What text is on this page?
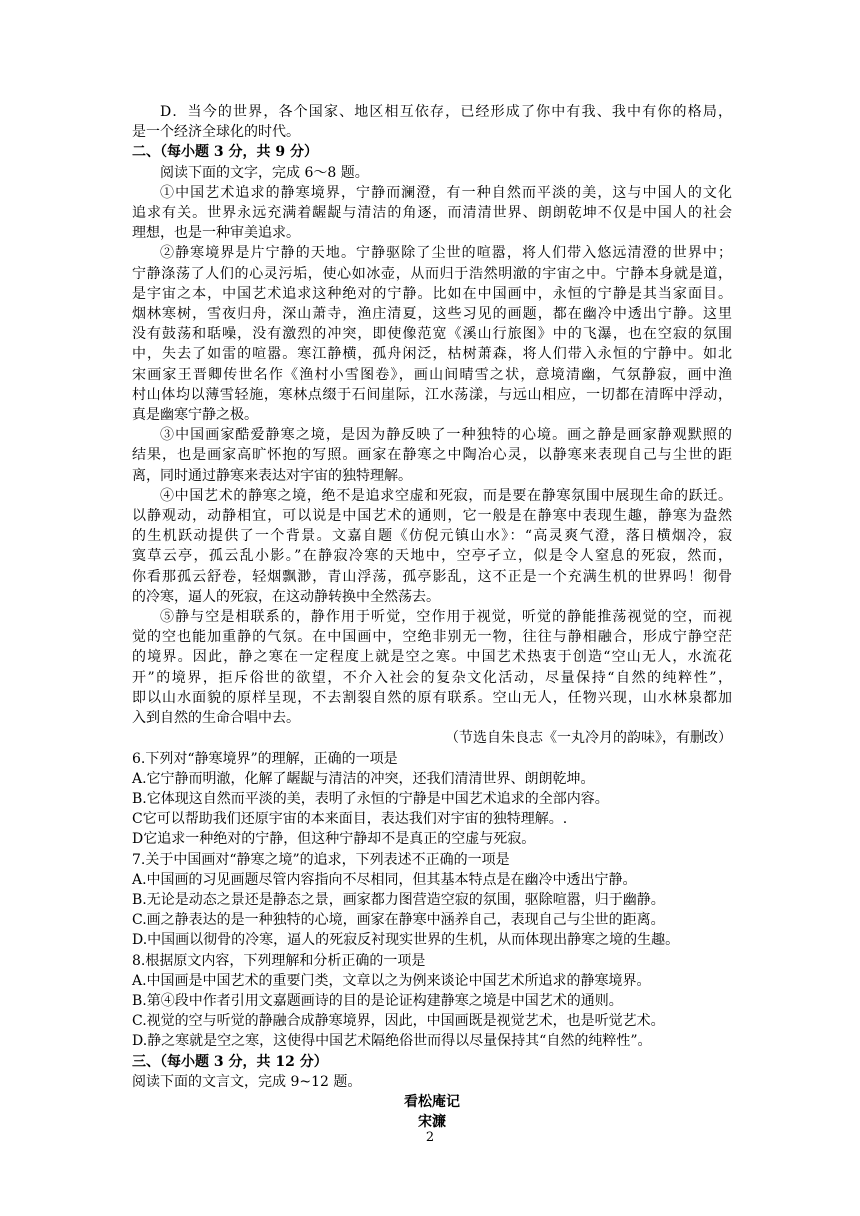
D．当今的世界，各个国家、地区相互依存，已经形成了你中有我、我中有你的格局，
是一个经济全球化的时代。
二、（每小题 3 分，共 9 分）
阅读下面的文字，完成 6～8 题。
①中国艺术追求的静寒境界，宁静而澜澄，有一种自然而平淡的美，这与中国人的文化
追求有关。世界永远充满着龌龊与清洁的角逐，而清清世界、朗朗乾坤不仅是中国人的社会
理想，也是一种审美追求。
②静寒境界是片宁静的天地。宁静驱除了尘世的喧嚣，将人们带入悠远清澄的世界中；
宁静涤荡了人们的心灵污垢，使心如冰壶，从而归于浩然明澈的宇宙之中。宁静本身就是道，
是宇宙之本，中国艺术追求这种绝对的宁静。比如在中国画中，永恒的宁静是其当家面目。
烟林寒树，雪夜归舟，深山萧寺，渔庄清夏，这些习见的画题，都在幽冷中透出宁静。这里
没有鼓荡和聒噪，没有激烈的冲突，即使像范宽《溪山行旅图》中的飞瀑，也在空寂的氛围
中，失去了如雷的喧嚣。寒江静横，孤舟闲泛，枯树萧森，将人们带入永恒的宁静中。如北
宋画家王晋卿传世名作《渔村小雪图卷》，画山间晴雪之状，意境清幽，气氛静寂，画中渔
村山体均以薄雪轻施，寒林点缀于石间崖际，江水荡漾，与远山相应，一切都在清晖中浮动，
真是幽寒宁静之极。
③中国画家酷爱静寒之境，是因为静反映了一种独特的心境。画之静是画家静观默照的
结果，也是画家高旷怀抱的写照。画家在静寒之中陶冶心灵，以静寒来表现自己与尘世的距
离，同时通过静寒来表达对宇宙的独特理解。
④中国艺术的静寒之境，绝不是追求空虚和死寂，而是要在静寒氛围中展现生命的跃迁。
以静观动，动静相宜，可以说是中国艺术的通则，它一般是在静寒中表现生趣，静寒为盎然
的生机跃动提供了一个背景。文嘉自题《仿倪元镇山水》：“高灵爽气澄，落日横烟冷，寂
寞草云亭，孤云乱小影。”在静寂冷寒的天地中，空亭孑立，似是令人窒息的死寂，然而，
你看那孤云舒卷，轻烟飘渺，青山浮荡，孤亭影乱，这不正是一个充满生机的世界吗！彻骨
的冷寒，逼人的死寂，在这动静转换中全然荡去。
⑤静与空是相联系的，静作用于听觉，空作用于视觉，听觉的静能推荡视觉的空，而视
觉的空也能加重静的气氛。在中国画中，空绝非别无一物，往往与静相融合，形成宁静空茫
的境界。因此，静之寒在一定程度上就是空之寒。中国艺术热衷于创造“空山无人，水流花
开”的境界，拒斥俗世的欲望，不介入社会的复杂文化活动，尽量保持“自然的纯粹性”，
即以山水面貌的原样呈现，不去割裂自然的原有联系。空山无人，任物兴现，山水林泉都加
入到自然的生命合唱中去。
（节选自朱良志《一丸冷月的韵味》，有删改）
6.下列对“静寒境界”的理解，正确的一项是
A.它宁静而明澈，化解了龌龊与清洁的冲突，还我们清清世界、朗朗乾坤。
B.它体现这自然而平淡的美，表明了永恒的宁静是中国艺术追求的全部内容。
C它可以帮助我们还原宇宙的本来面目，表达我们对宇宙的独特理解。.
D它追求一种绝对的宁静，但这种宁静却不是真正的空虚与死寂。
7.关于中国画对“静寒之境”的追求，下列表述不正确的一项是
A.中国画的习见画题尽管内容指向不尽相同，但其基本特点是在幽冷中透出宁静。
B.无论是动态之景还是静态之景，画家都力图营造空寂的氛围，驱除喧嚣，归于幽静。
C.画之静表达的是一种独特的心境，画家在静寒中涵养自己，表现自己与尘世的距离。
D.中国画以彻骨的冷寒，逼人的死寂反衬现实世界的生机，从而体现出静寒之境的生趣。
8.根据原文内容，下列理解和分析正确的一项是
A.中国画是中国艺术的重要门类，文章以之为例来谈论中国艺术所追求的静寒境界。
B.第④段中作者引用文嘉题画诗的目的是论证构建静寒之境是中国艺术的通则。
C.视觉的空与听觉的静融合成静寒境界，因此，中国画既是视觉艺术，也是听觉艺术。
D.静之寒就是空之寒，这使得中国艺术隔绝俗世而得以尽量保持其“自然的纯粹性”。
三、（每小题 3 分，共 12 分）
阅读下面的文言文，完成 9~12 题。
看松庵记
宋濂
2
